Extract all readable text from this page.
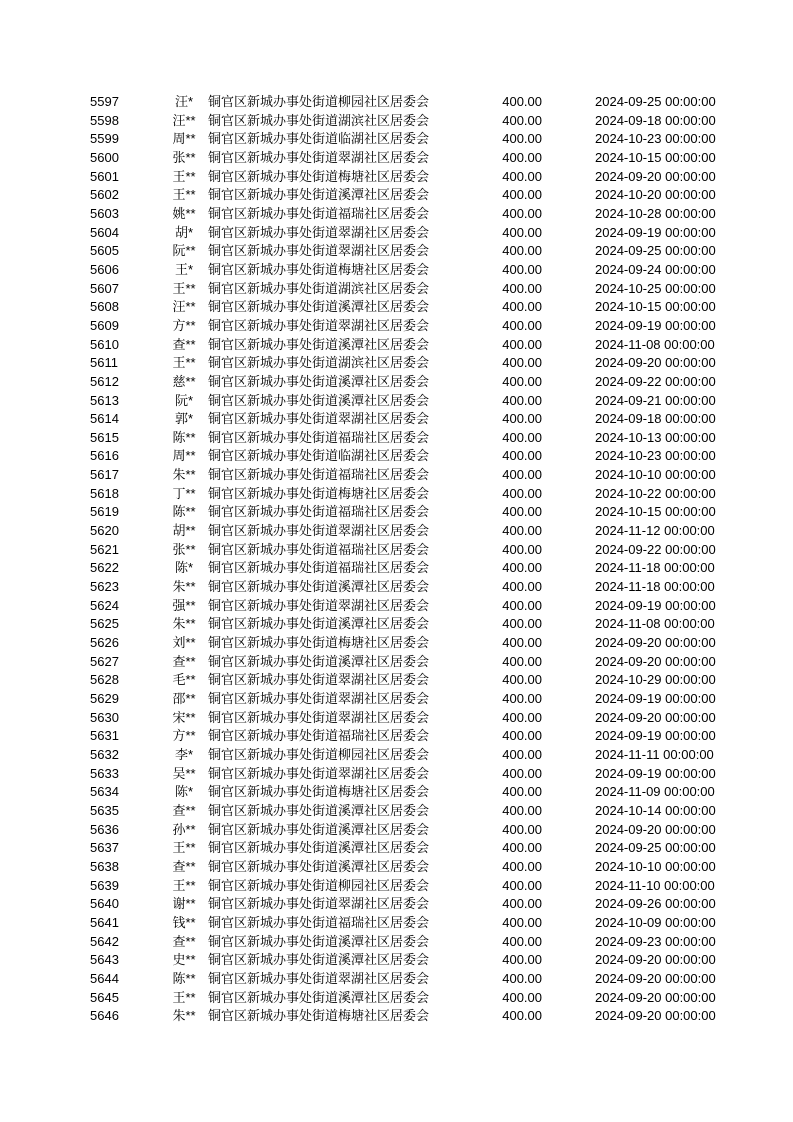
5597	汪*	铜官区新城办事处街道柳园社区居委会	400.00	2024-09-25 00:00:00
5598	汪** 铜官区新城办事处街道湖滨社区居委会	400.00	2024-09-18 00:00:00
5599	周** 铜官区新城办事处街道临湖社区居委会	400.00	2024-10-23 00:00:00
5600	张** 铜官区新城办事处街道翠湖社区居委会	400.00	2024-10-15 00:00:00
5601	王** 铜官区新城办事处街道梅塘社区居委会	400.00	2024-09-20 00:00:00
5602	王** 铜官区新城办事处街道溪潭社区居委会	400.00	2024-10-20 00:00:00
5603	姚** 铜官区新城办事处街道福瑞社区居委会	400.00	2024-10-28 00:00:00
5604	胡*	铜官区新城办事处街道翠湖社区居委会	400.00	2024-09-19 00:00:00
5605	阮** 铜官区新城办事处街道翠湖社区居委会	400.00	2024-09-25 00:00:00
5606	王*	铜官区新城办事处街道梅塘社区居委会	400.00	2024-09-24 00:00:00
5607	王** 铜官区新城办事处街道湖滨社区居委会	400.00	2024-10-25 00:00:00
5608	汪** 铜官区新城办事处街道溪潭社区居委会	400.00	2024-10-15 00:00:00
5609	方** 铜官区新城办事处街道翠湖社区居委会	400.00	2024-09-19 00:00:00
5610	查** 铜官区新城办事处街道溪潭社区居委会	400.00	2024-11-08 00:00:00
5611	王** 铜官区新城办事处街道湖滨社区居委会	400.00	2024-09-20 00:00:00
5612	慈** 铜官区新城办事处街道溪潭社区居委会	400.00	2024-09-22 00:00:00
5613	阮*	铜官区新城办事处街道溪潭社区居委会	400.00	2024-09-21 00:00:00
5614	郭*	铜官区新城办事处街道翠湖社区居委会	400.00	2024-09-18 00:00:00
5615	陈** 铜官区新城办事处街道福瑞社区居委会	400.00	2024-10-13 00:00:00
5616	周** 铜官区新城办事处街道临湖社区居委会	400.00	2024-10-23 00:00:00
5617	朱** 铜官区新城办事处街道福瑞社区居委会	400.00	2024-10-10 00:00:00
5618	丁** 铜官区新城办事处街道梅塘社区居委会	400.00	2024-10-22 00:00:00
5619	陈** 铜官区新城办事处街道福瑞社区居委会	400.00	2024-10-15 00:00:00
5620	胡** 铜官区新城办事处街道翠湖社区居委会	400.00	2024-11-12 00:00:00
5621	张** 铜官区新城办事处街道福瑞社区居委会	400.00	2024-09-22 00:00:00
5622	陈*	铜官区新城办事处街道福瑞社区居委会	400.00	2024-11-18 00:00:00
5623	朱** 铜官区新城办事处街道溪潭社区居委会	400.00	2024-11-18 00:00:00
5624	强** 铜官区新城办事处街道翠湖社区居委会	400.00	2024-09-19 00:00:00
5625	朱** 铜官区新城办事处街道溪潭社区居委会	400.00	2024-11-08 00:00:00
5626	刘** 铜官区新城办事处街道梅塘社区居委会	400.00	2024-09-20 00:00:00
5627	查** 铜官区新城办事处街道溪潭社区居委会	400.00	2024-09-20 00:00:00
5628	毛** 铜官区新城办事处街道翠湖社区居委会	400.00	2024-10-29 00:00:00
5629	邵** 铜官区新城办事处街道翠湖社区居委会	400.00	2024-09-19 00:00:00
5630	宋** 铜官区新城办事处街道翠湖社区居委会	400.00	2024-09-20 00:00:00
5631	方** 铜官区新城办事处街道福瑞社区居委会	400.00	2024-09-19 00:00:00
5632	李*	铜官区新城办事处街道柳园社区居委会	400.00	2024-11-11 00:00:00
5633	吴** 铜官区新城办事处街道翠湖社区居委会	400.00	2024-09-19 00:00:00
5634	陈*	铜官区新城办事处街道梅塘社区居委会	400.00	2024-11-09 00:00:00
5635	查** 铜官区新城办事处街道溪潭社区居委会	400.00	2024-10-14 00:00:00
5636	孙** 铜官区新城办事处街道溪潭社区居委会	400.00	2024-09-20 00:00:00
5637	王** 铜官区新城办事处街道溪潭社区居委会	400.00	2024-09-25 00:00:00
5638	查** 铜官区新城办事处街道溪潭社区居委会	400.00	2024-10-10 00:00:00
5639	王** 铜官区新城办事处街道柳园社区居委会	400.00	2024-11-10 00:00:00
5640	谢** 铜官区新城办事处街道翠湖社区居委会	400.00	2024-09-26 00:00:00
5641	钱** 铜官区新城办事处街道福瑞社区居委会	400.00	2024-10-09 00:00:00
5642	查** 铜官区新城办事处街道溪潭社区居委会	400.00	2024-09-23 00:00:00
5643	史** 铜官区新城办事处街道溪潭社区居委会	400.00	2024-09-20 00:00:00
5644	陈** 铜官区新城办事处街道翠湖社区居委会	400.00	2024-09-20 00:00:00
5645	王** 铜官区新城办事处街道溪潭社区居委会	400.00	2024-09-20 00:00:00
5646	朱** 铜官区新城办事处街道梅塘社区居委会	400.00	2024-09-20 00:00:00
